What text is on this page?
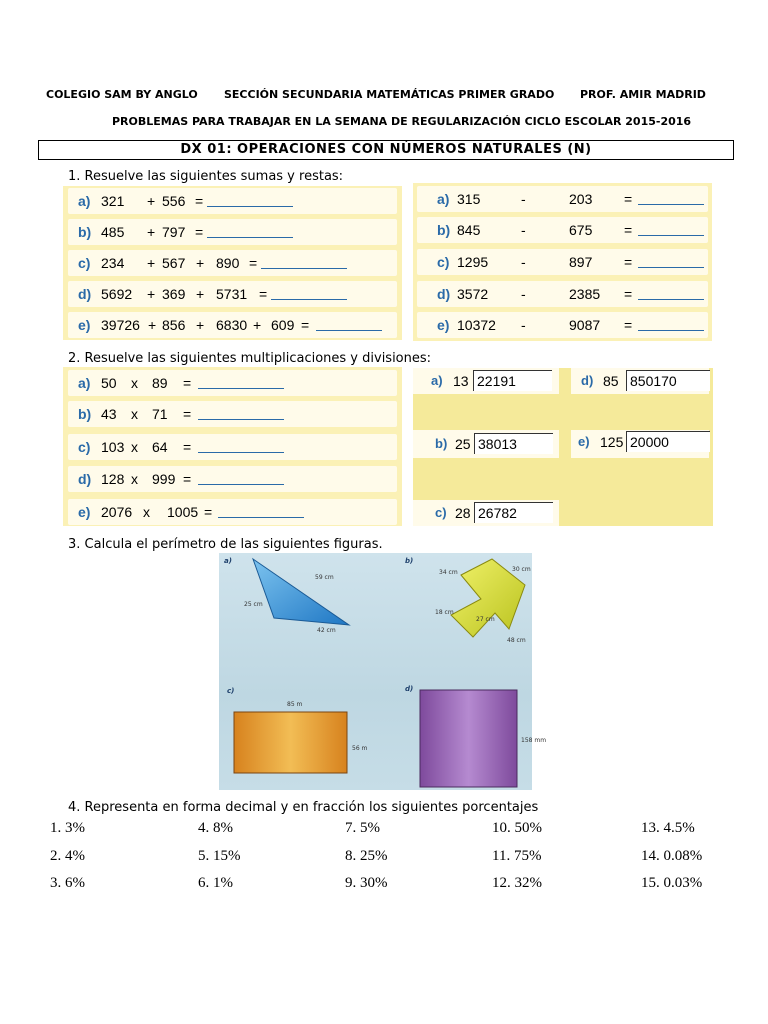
COLEGIO SAM BY ANGLO SECCIÓN SECUNDARIA MATEMÁTICAS PRIMER GRADO PROF. AMIR MADRID
PROBLEMAS PARA TRABAJAR EN LA SEMANA DE REGULARIZACIÓN CICLO ESCOLAR 2015-2016
DX 01: OPERACIONES CON NÚMEROS NATURALES (N)
1. Resuelve las siguientes sumas y restas:
a) 321 + 556 =
b) 485 + 797 =
c) 234 + 567 + 890 =
d) 5692 + 369 + 5731 =
e) 39726 + 856 + 6830 + 609 =
a) 315	-	203 =
b) 845	-	675 =
c) 1295 -	897 =
d) 3572 -	2385 =
e) 10372 -	9087 =
2. Resuelve las siguientes multiplicaciones y divisiones:
a) 50 x 89 =
b) 43 x 71 =
c) 103 x 64 =
d) 128 x 999 =
e) 2076 x 1005 =
a) 13 22191	d) 85 850170
b) 25 38013	e) 125 20000
c) 28 26782
3. Calcula el perímetro de las siguientes figuras.
a)
59 cm
25 cm
42 cm
b)
34 cm	30 cm
18 cm
27 cm
48 cm
c)
85 m
56 m
d)
158 mm
4. Representa en forma decimal y en fracción los siguientes porcentajes
1. 3%	4. 8%	7. 5%	10. 50%	13. 4.5%
2. 4%	5. 15%	8. 25%	11. 75%	14. 0.08%
3. 6%	6. 1%	9. 30%	12. 32%	15. 0.03%
